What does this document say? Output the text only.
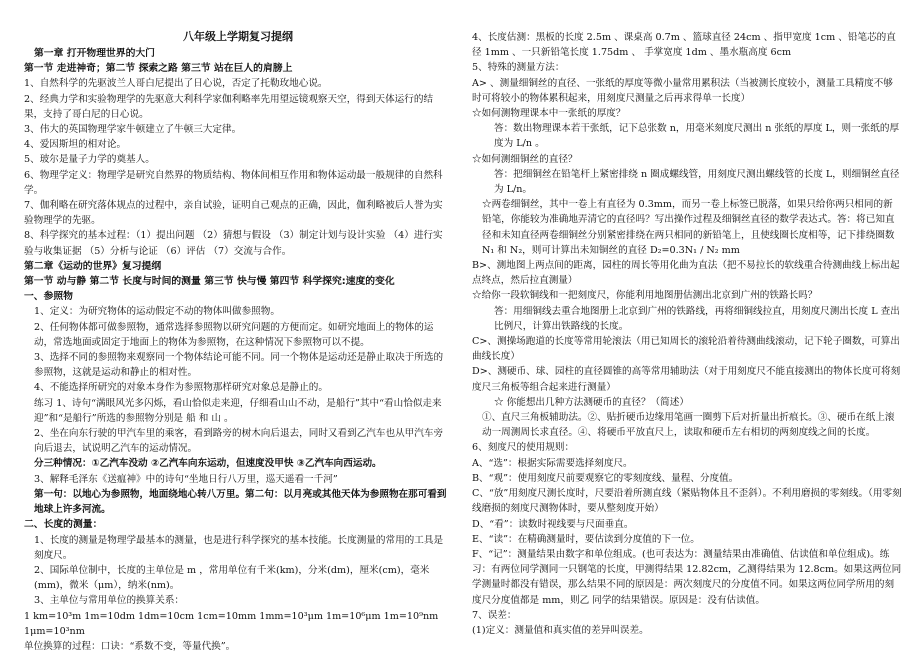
八年级上学期复习提纲
第一章 打开物理世界的大门
第一节 走进神奇；第二节 探索之路 第三节 站在巨人的肩膀上
1、自然科学的先驱波兰人哥白尼提出了日心说，否定了托勒玫地心说。
2、经典力学和实验物理学的先驱意大利科学家伽利略率先用望远镜观察天空，得到天体运行的结果，支持了哥白尼的日心说。
3、伟大的英国物理学家牛顿建立了牛顿三大定律。
4、爱因斯坦的相对论。
5、玻尔是量子力学的奠基人。
6、物理学定义：物理学是研究自然界的物质结构、物体间相互作用和物体运动最一般规律的自然科学。
7、伽利略在研究落体规点的过程中，亲自试验，证明自己观点的正确，因此，伽利略被后人誉为实验物理学的先驱。
8、科学探究的基本过程：（1）提出问题 （2）猜想与假设 （3）制定计划与设计实验 （4）进行实验与收集证据 （5）分析与论证 （6）评估 （7）交流与合作。
第二章《运动的世界》复习提纲
第一节 动与静 第二节 长度与时间的测量 第三节 快与慢 第四节 科学探究:速度的变化
一、参照物
1、定义：为研究物体的运动假定不动的物体叫做参照物。
2、任何物体都可做参照物，通常选择参照物以研究问题的方便而定。如研究地面上的物体的运动，常选地面或固定于地面上的物体为参照物，在这种情况下参照物可以不提。
3、选择不同的参照物来观察同一个物体结论可能不同。同一个物体是运动还是静止取决于所选的参照物，这就是运动和静止的相对性。
4、不能选择所研究的对象本身作为参照物那样研究对象总是静止的。
练习 1、诗句“满眼风光多闪烁，看山恰似走来迎，仔细看山山不动，是船行”其中“看山恰似走来迎”和“是船行”所选的参照物分别是 船 和 山 。
2、坐在向东行驶的甲汽车里的乘客，看到路旁的树木向后退去，同时又看到乙汽车也从甲汽车旁向后退去，试说明乙汽车的运动情况。
分三种情况：①乙汽车没动 ②乙汽车向东运动，但速度没甲快 ③乙汽车向西运动。
3、解释毛泽东《送瘟神》中的诗句“坐地日行八万里，巡天遥看一千河”
第一句：以地心为参照物，地面绕地心转八万里。第二句：以月亮或其他天体为参照物在那可看到地球上许多河流。
二、长度的测量：
1、长度的测量是物理学最基本的测量，也是进行科学探究的基本技能。长度测量的常用的工具是刻度尺。
2、国际单位制中，长度的主单位是 m ，常用单位有千米(km)，分米(dm)，厘米(cm)，毫米(mm)，微米（μm），纳米(nm)。
3、主单位与常用单位的换算关系：
1 km=10³m 1m=10dm 1dm=10cm 1cm=10mm 1mm=10³μm 1m=10⁶μm 1m=10⁹nm 1μm=10³nm
单位换算的过程：口诀：“系数不变，等量代换”。
4、长度估测：黑板的长度 2.5m 、课桌高 0.7m 、篮球直径 24cm 、指甲宽度 1cm 、铅笔芯的直径 1mm 、一只新铅笔长度 1.75dm 、 手掌宽度 1dm 、墨水瓶高度 6cm
5、特殊的测量方法：
A> 、测量细铜丝的直径、一张纸的厚度等微小量常用累积法（当被测长度较小，测量工具精度不够时可将较小的物体累积起来，用刻度尺测量之后再求得单一长度）
☆如何测物理课本中一张纸的厚度？
答：数出物理课本若干张纸，记下总张数 n，用毫米刻度尺测出 n 张纸的厚度 L，则一张纸的厚度为 L/n 。
☆如何测细铜丝的直径？
答：把细铜丝在铅笔杆上紧密排绕 n 圈成螺线管，用刻度尺测出螺线管的长度 L，则细铜丝直径为 L/n。
☆两卷细铜丝，其中一卷上有直径为 0.3mm，而另一卷上标签已脱落，如果只给你两只相同的新铅笔，你能较为准确地弄清它的直径吗？写出操作过程及细铜丝直径的数学表达式。答：将已知直径和未知直径两卷细铜丝分别紧密排绕在两只相同的新铅笔上，且使线圈长度相等，记下排绕圈数 N₁ 和 N₂，则可计算出未知铜丝的直径 D₂=0.3N₁ / N₂ mm
B>、测地图上两点间的距离，园柱的周长等用化曲为直法（把不易拉长的软线重合待测曲线上标出起点终点，然后拉直测量）
☆给你一段软铜线和一把刻度尺，你能利用地图册估测出北京到广州的铁路长吗？
答：用细铜线去重合地图册上北京到广州的铁路线，再将细铜线拉直，用刻度尺测出长度 L 查出比例尺，计算出铁路线的长度。
C>、测操场跑道的长度等常用轮滚法（用已知周长的滚轮沿着待测曲线滚动，记下轮子圈数，可算出曲线长度）
D>、测硬币、球、园柱的直径圆锥的高等常用辅助法（对于用刻度尺不能直接测出的物体长度可将刻度尺三角板等组合起来进行测量）
☆ 你能想出几种方法测硬币的直径？（简述）
①、直尺三角板辅助法。②、贴折硬币边缘用笔画一圈剪下后对折量出折痕长。③、硬币在纸上滚动一周测周长求直径。④、将硬币平放直尺上，读取和硬币左右相切的两刻度线之间的长度。
6、刻度尺的使用规则：
A、“选”：根据实际需要选择刻度尺。
B、“观”：使用刻度尺前要观察它的零刻度线、量程、分度值。
C、“放”用刻度尺测长度时，尺要沿着所测直线（紧贴物体且不歪斜）。不利用磨损的零刻线。（用零刻线磨损的刻度尺测物体时，要从整刻度开始）
D、“看”：读数时视线要与尺面垂直。
E、“读”：在精确测量时，要估读到分度值的下一位。
F、“记”：测量结果由数字和单位组成。(也可表达为：测量结果由准确值、估读值和单位组成)。练习：有两位同学测同一只钢笔的长度，甲测得结果 12.82cm，乙测得结果为 12.8cm。如果这两位同学测量时都没有错误，那么结果不同的原因是：两次刻度尺的分度值不同。如果这两位同学所用的刻度尺分度值都是 mm，则乙 同学的结果错误。原因是：没有估读值。
7、误差：
(1)定义：测量值和真实值的差异叫误差。
